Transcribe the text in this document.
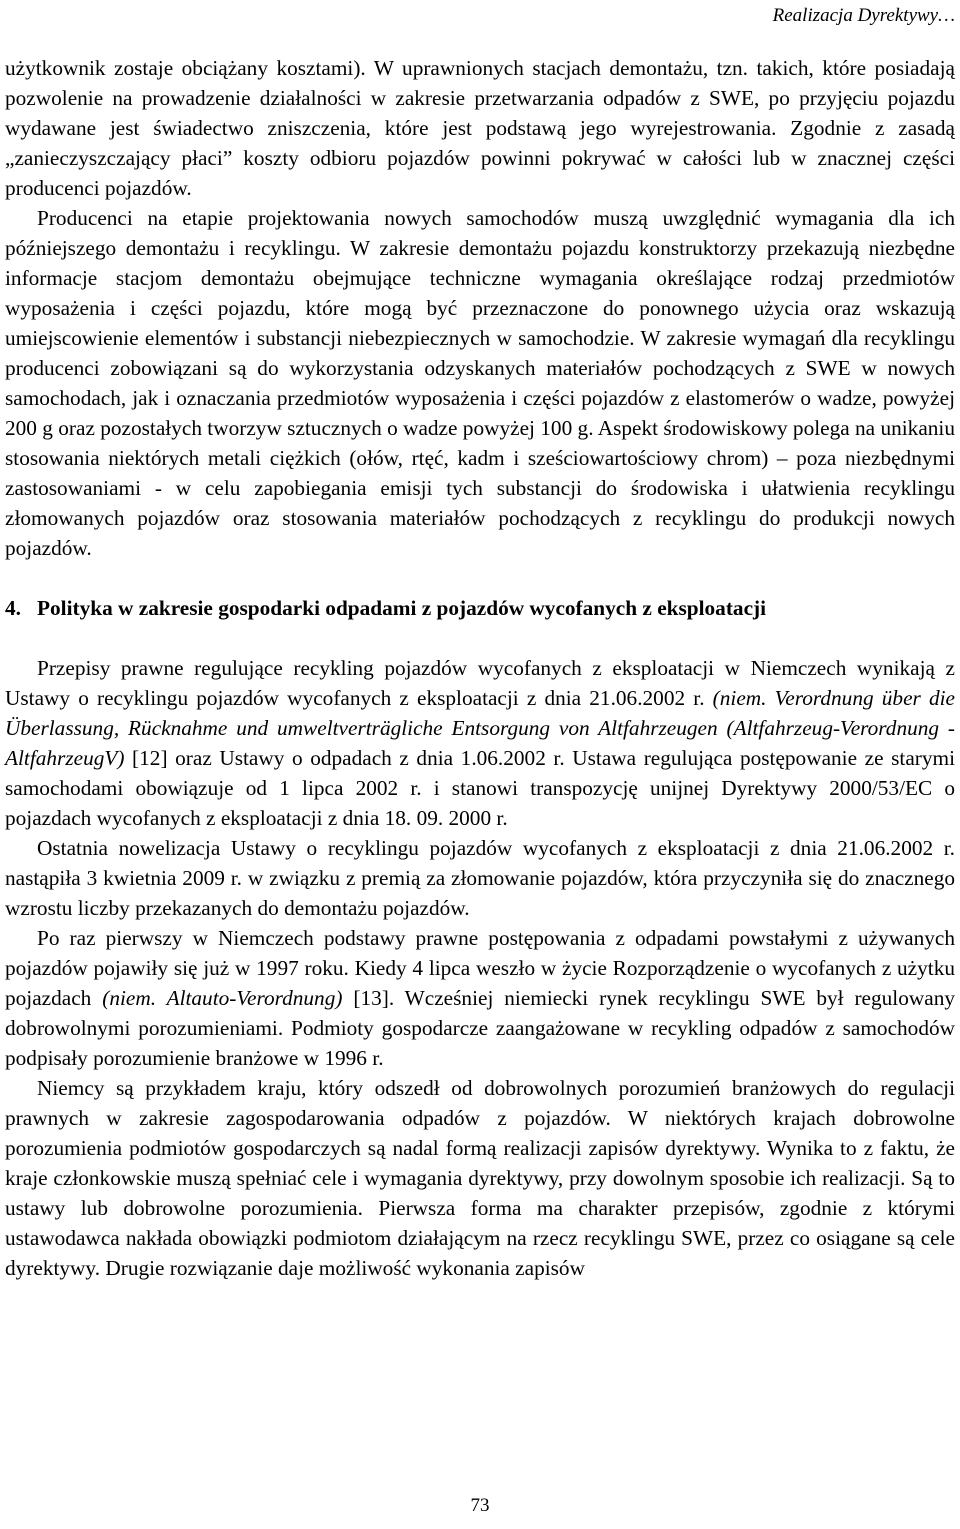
Realizacja Dyrektywy…

użytkownik zostaje obciążany kosztami). W uprawnionych stacjach demontażu, tzn. takich, które posiadają pozwolenie na prowadzenie działalności w zakresie przetwarzania odpadów z SWE, po przyjęciu pojazdu wydawane jest świadectwo zniszczenia, które jest podstawą jego wyrejestrowania. Zgodnie z zasadą „zanieczyszczający płaci” koszty odbioru pojazdów powinni pokrywać w całości lub w znacznej części producenci pojazdów.

Producenci na etapie projektowania nowych samochodów muszą uwzględnić wymagania dla ich późniejszego demontażu i recyklingu. W zakresie demontażu pojazdu konstruktorzy przekazują niezbędne informacje stacjom demontażu obejmujące techniczne wymagania określające rodzaj przedmiotów wyposażenia i części pojazdu, które mogą być przeznaczone do ponownego użycia oraz wskazują umiejscowienie elementów i substancji niebezpiecznych w samochodzie. W zakresie wymagań dla recyklingu producenci zobowiązani są do wykorzystania odzyskanych materiałów pochodzących z SWE w nowych samochodach, jak i oznaczania przedmiotów wyposażenia i części pojazdów z elastomerów o wadze, powyżej 200 g oraz pozostałych tworzyw sztucznych o wadze powyżej 100 g. Aspekt środowiskowy polega na unikaniu stosowania niektórych metali ciężkich (ołów, rtęć, kadm i sześciowartościowy chrom) – poza niezbędnymi zastosowaniami - w celu zapobiegania emisji tych substancji do środowiska i ułatwienia recyklingu złomowanych pojazdów oraz stosowania materiałów pochodzących z recyklingu do produkcji nowych pojazdów.

4. Polityka w zakresie gospodarki odpadami z pojazdów wycofanych z eksploatacji

Przepisy prawne regulujące recykling pojazdów wycofanych z eksploatacji w Niemczech wynikają z Ustawy o recyklingu pojazdów wycofanych z eksploatacji z dnia 21.06.2002 r. (niem. Verordnung über die Überlassung, Rücknahme und umweltverträgliche Entsorgung von Altfahrzeugen (Altfahrzeug-Verordnung - AltfahrzeugV) [12] oraz Ustawy o odpadach z dnia 1.06.2002 r. Ustawa regulująca postępowanie ze starymi samochodami obowiązuje od 1 lipca 2002 r. i stanowi transpozycję unijnej Dyrektywy 2000/53/EC o pojazdach wycofanych z eksploatacji z dnia 18. 09. 2000 r.

Ostatnia nowelizacja Ustawy o recyklingu pojazdów wycofanych z eksploatacji z dnia 21.06.2002 r. nastąpiła 3 kwietnia 2009 r. w związku z premią za złomowanie pojazdów, która przyczyniła się do znacznego wzrostu liczby przekazanych do demontażu pojazdów.

Po raz pierwszy w Niemczech podstawy prawne postępowania z odpadami powstałymi z używanych pojazdów pojawiły się już w 1997 roku. Kiedy 4 lipca weszło w życie Rozporządzenie o wycofanych z użytku pojazdach (niem. Altauto-Verordnung) [13]. Wcześniej niemiecki rynek recyklingu SWE był regulowany dobrowolnymi porozumieniami. Podmioty gospodarcze zaangażowane w recykling odpadów z samochodów podpisały porozumienie branżowe w 1996 r.

Niemcy są przykładem kraju, który odszedł od dobrowolnych porozumień branżowych do regulacji prawnych w zakresie zagospodarowania odpadów z pojazdów. W niektórych krajach dobrowolne porozumienia podmiotów gospodarczych są nadal formą realizacji zapisów dyrektywy. Wynika to z faktu, że kraje członkowskie muszą spełniać cele i wymagania dyrektywy, przy dowolnym sposobie ich realizacji. Są to ustawy lub dobrowolne porozumienia. Pierwsza forma ma charakter przepisów, zgodnie z którymi ustawodawca nakłada obowiązki podmiotom działającym na rzecz recyklingu SWE, przez co osiągane są cele dyrektywy. Drugie rozwiązanie daje możliwość wykonania zapisów

73
